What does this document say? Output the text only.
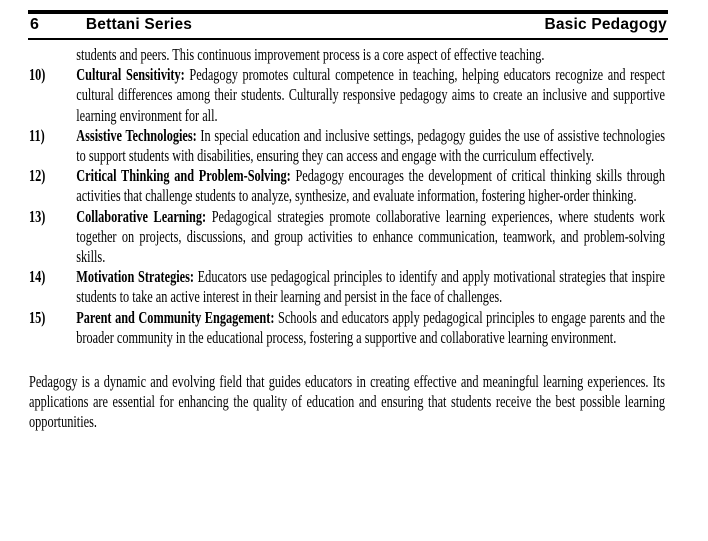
6	Bettani Series	Basic Pedagogy

students and peers. This continuous improvement process is a core aspect of effective teaching.

10)	Cultural Sensitivity: Pedagogy promotes cultural competence in teaching, helping educators recognize and respect cultural differences among their students. Culturally responsive pedagogy aims to create an inclusive and supportive learning environment for all.

11)	Assistive Technologies: In special education and inclusive settings, pedagogy guides the use of assistive technologies to support students with disabilities, ensuring they can access and engage with the curriculum effectively.

12)	Critical Thinking and Problem-Solving: Pedagogy encourages the development of critical thinking skills through activities that challenge students to analyze, synthesize, and evaluate information, fostering higher-order thinking.

13)	Collaborative Learning: Pedagogical strategies promote collaborative learning experiences, where students work together on projects, discussions, and group activities to enhance communication, teamwork, and problem-solving skills.

14)	Motivation Strategies: Educators use pedagogical principles to identify and apply motivational strategies that inspire students to take an active interest in their learning and persist in the face of challenges.

15)	Parent and Community Engagement: Schools and educators apply pedagogical principles to engage parents and the broader community in the educational process, fostering a supportive and collaborative learning environment.

Pedagogy is a dynamic and evolving field that guides educators in creating effective and meaningful learning experiences. Its applications are essential for enhancing the quality of education and ensuring that students receive the best possible learning opportunities.
